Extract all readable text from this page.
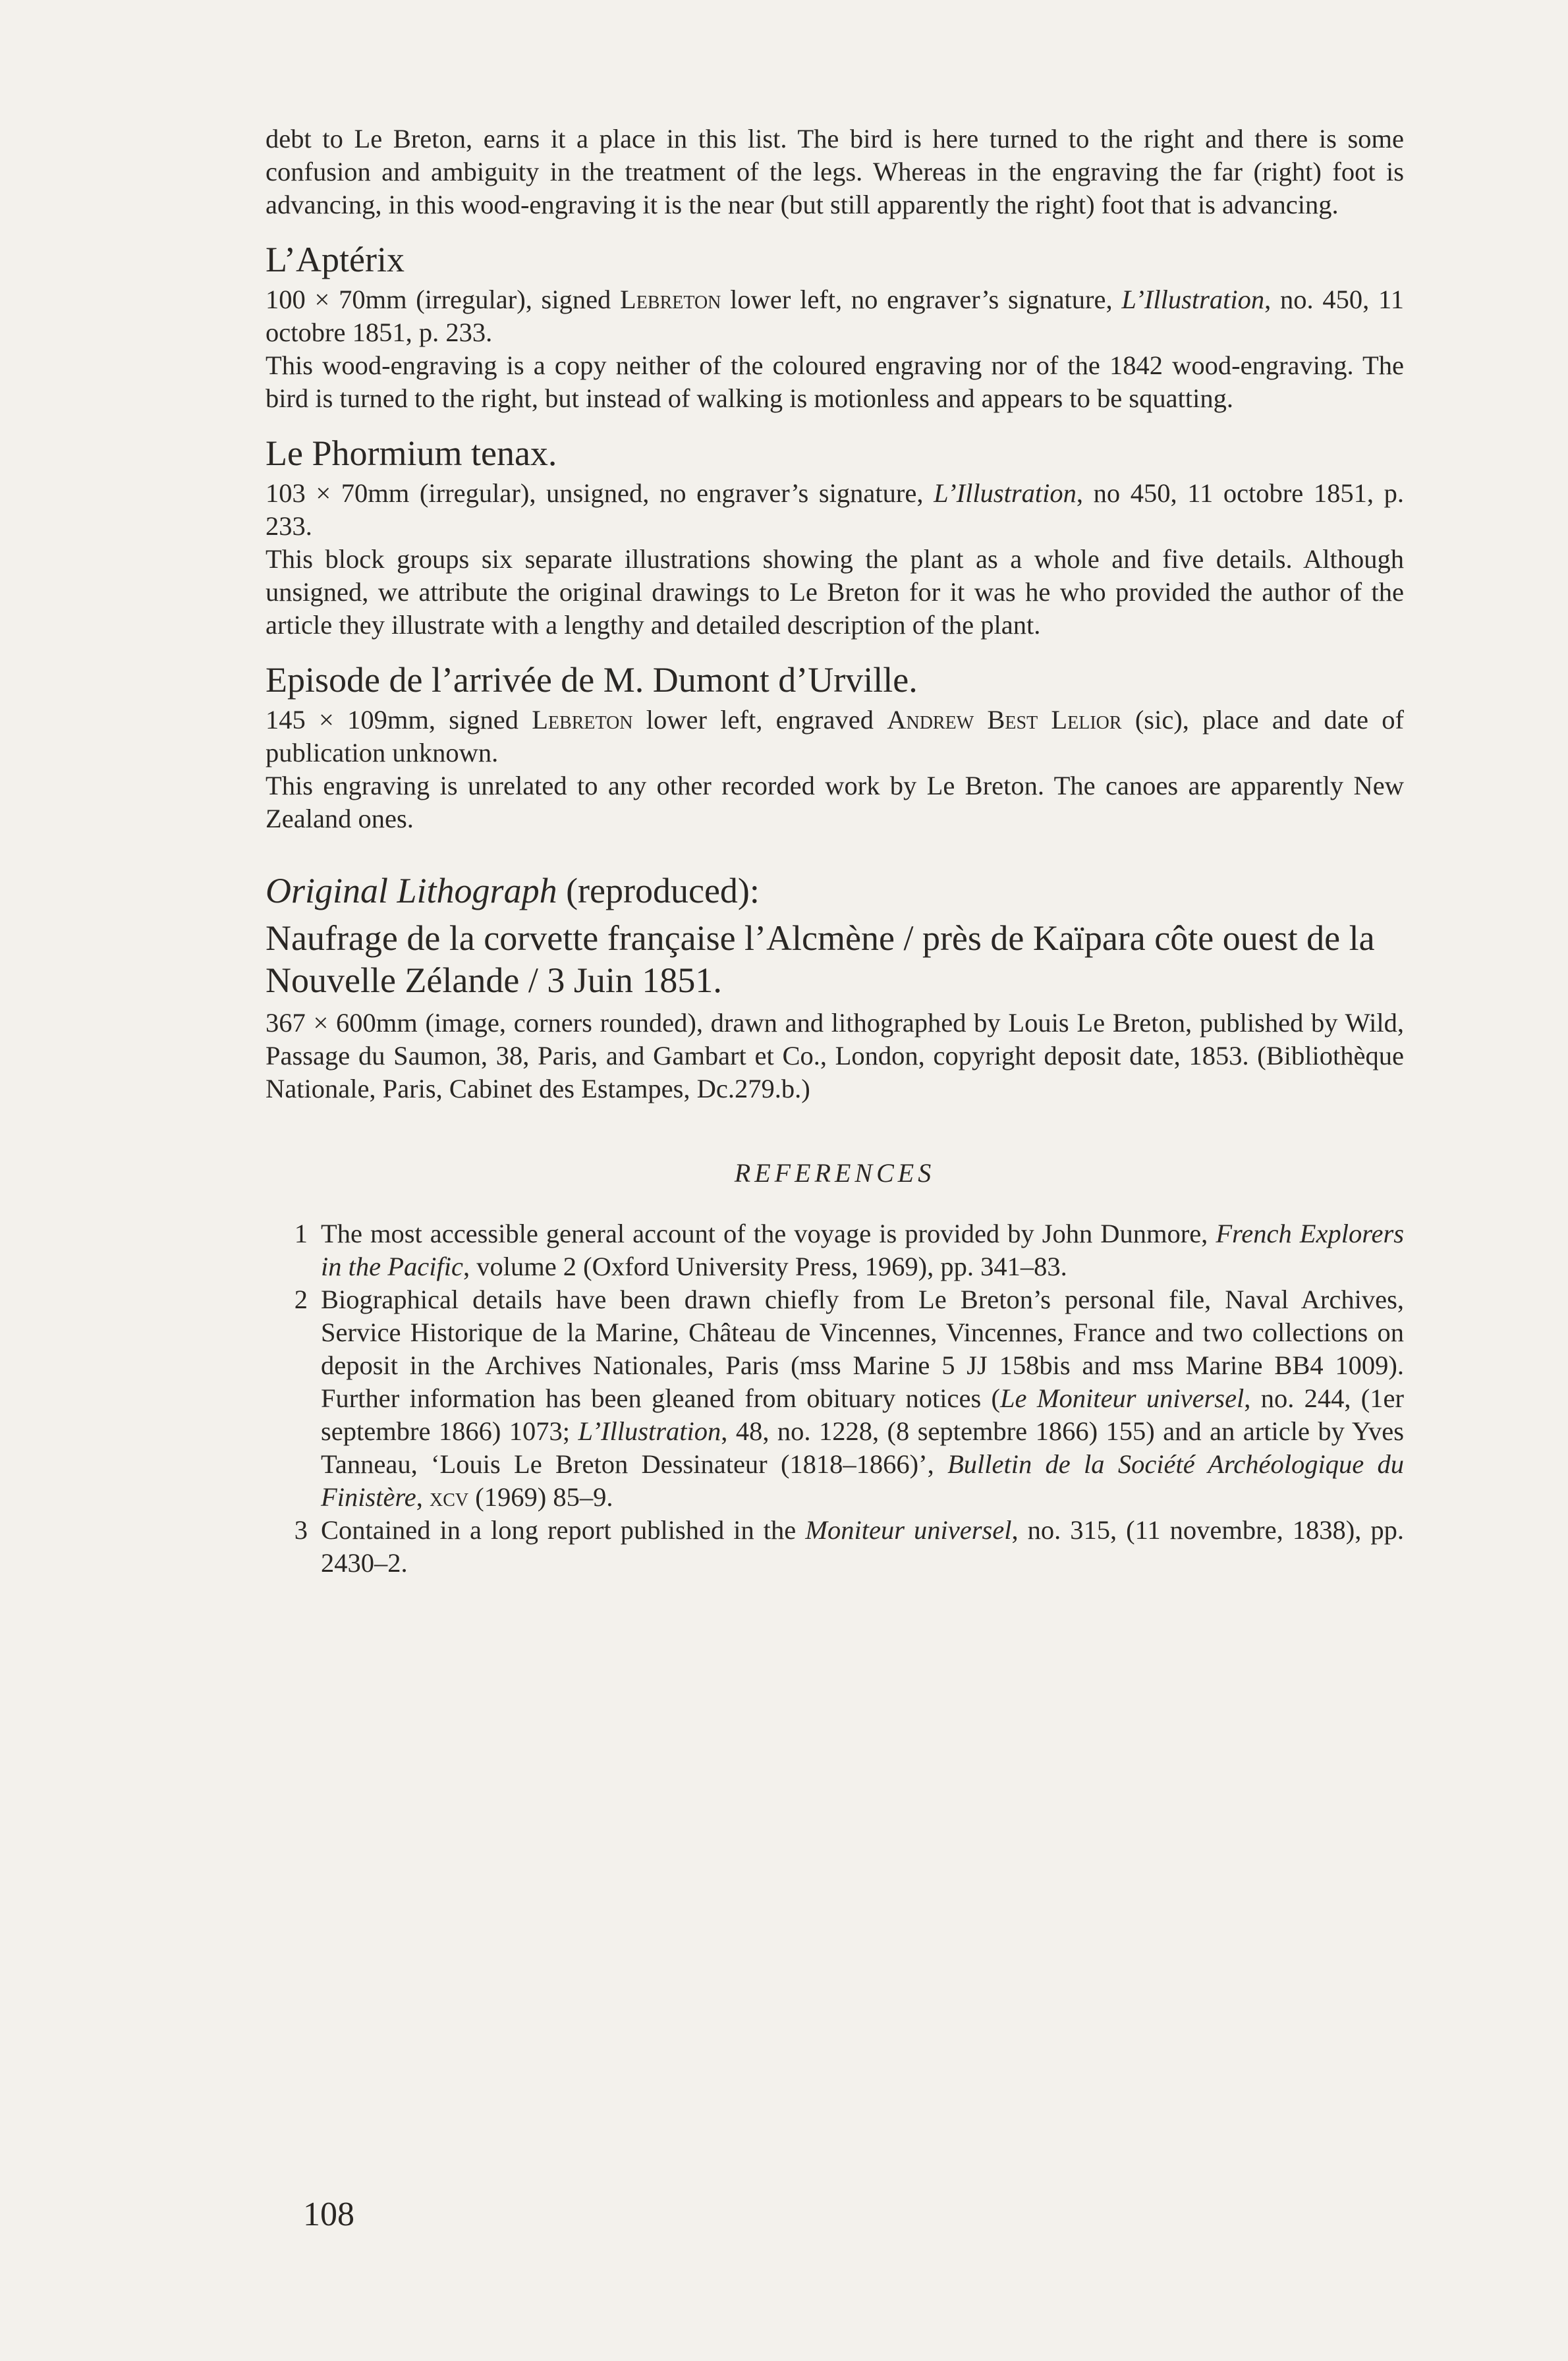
debt to Le Breton, earns it a place in this list. The bird is here turned to the right and there is some confusion and ambiguity in the treatment of the legs. Whereas in the engraving the far (right) foot is advancing, in this wood-engraving it is the near (but still apparently the right) foot that is advancing.

L’Aptérix

100 × 70mm (irregular), signed Lebreton lower left, no engraver’s signature, L’Illustration, no. 450, 11 octobre 1851, p. 233.

This wood-engraving is a copy neither of the coloured engraving nor of the 1842 wood-engraving. The bird is turned to the right, but instead of walking is motionless and appears to be squatting.

Le Phormium tenax.

103 × 70mm (irregular), unsigned, no engraver’s signature, L’Illustration, no 450, 11 octobre 1851, p. 233.

This block groups six separate illustrations showing the plant as a whole and five details. Although unsigned, we attribute the original drawings to Le Breton for it was he who provided the author of the article they illustrate with a lengthy and detailed description of the plant.

Episode de l’arrivée de M. Dumont d’Urville.

145 × 109mm, signed Lebreton lower left, engraved Andrew Best Lelior (sic), place and date of publication unknown.

This engraving is unrelated to any other recorded work by Le Breton. The canoes are apparently New Zealand ones.

Original Lithograph (reproduced):
Naufrage de la corvette française l’Alcmène / près de Kaïpara côte ouest de la Nouvelle Zélande / 3 Juin 1851.

367 × 600mm (image, corners rounded), drawn and lithographed by Louis Le Breton, published by Wild, Passage du Saumon, 38, Paris, and Gambart et Co., London, copyright deposit date, 1853. (Bibliothèque Nationale, Paris, Cabinet des Estampes, Dc.279.b.)

REFERENCES
1 The most accessible general account of the voyage is provided by John Dunmore, French Explorers in the Pacific, volume 2 (Oxford University Press, 1969), pp. 341–83.
2 Biographical details have been drawn chiefly from Le Breton’s personal file, Naval Archives, Service Historique de la Marine, Château de Vincennes, Vincennes, France and two collections on deposit in the Archives Nationales, Paris (mss Marine 5 JJ 158bis and mss Marine BB4 1009). Further information has been gleaned from obituary notices (Le Moniteur universel, no. 244, (1er septembre 1866) 1073; L’Illustration, 48, no. 1228, (8 septembre 1866) 155) and an article by Yves Tanneau, ‘Louis Le Breton Dessinateur (1818–1866)’, Bulletin de la Société Archéologique du Finistère, xcv (1969) 85–9.
3 Contained in a long report published in the Moniteur universel, no. 315, (11 novembre, 1838), pp. 2430–2.
108
